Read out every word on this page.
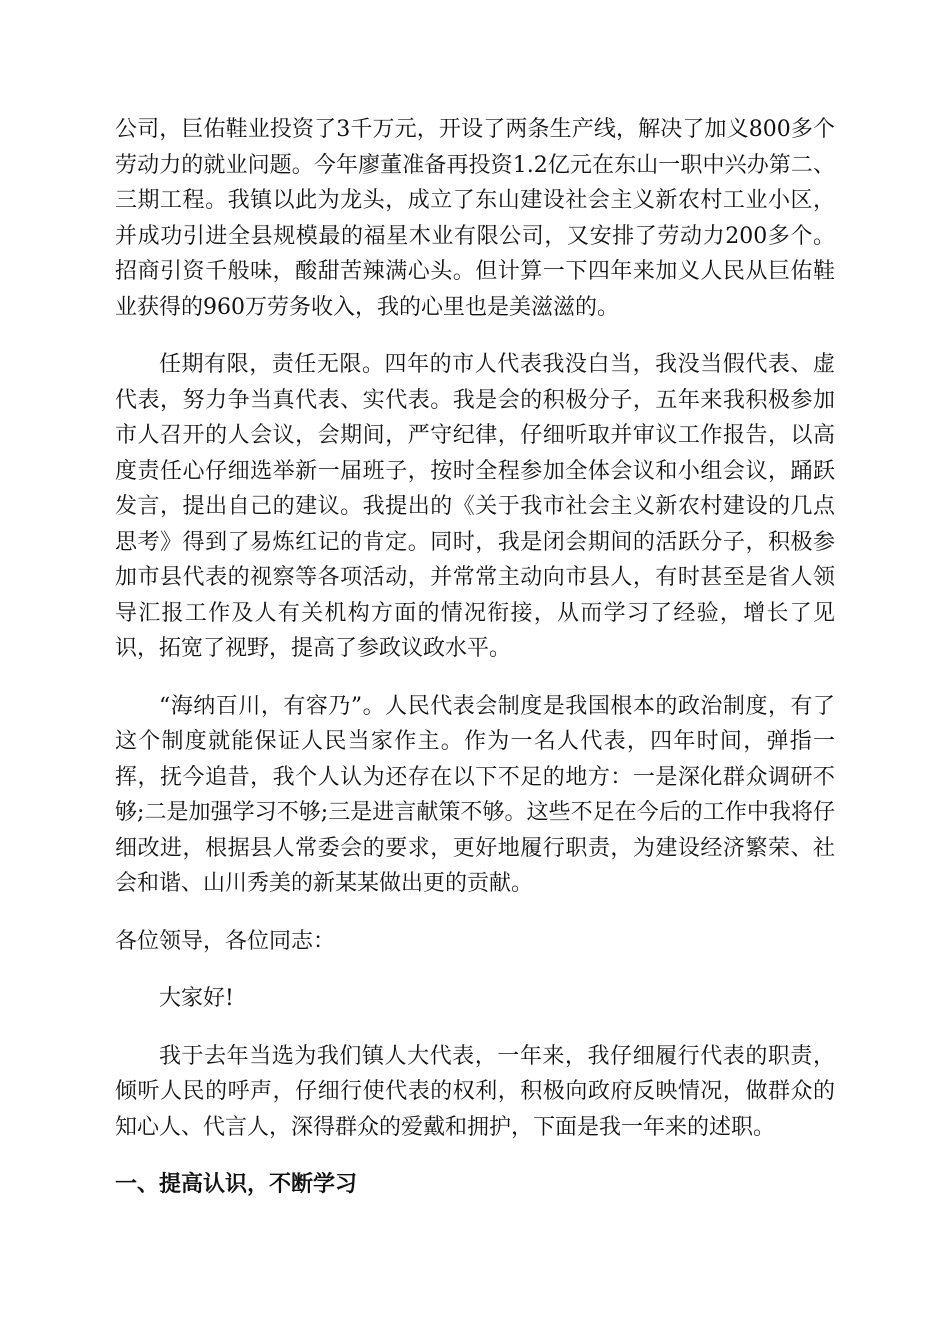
公司，巨佑鞋业投资了3千万元，开设了两条生产线，解决了加义800多个劳动力的就业问题。今年廖董准备再投资1.2亿元在东山一职中兴办第二、三期工程。我镇以此为龙头，成立了东山建设社会主义新农村工业小区，并成功引进全县规模最的福星木业有限公司，又安排了劳动力200多个。招商引资千般味，酸甜苦辣满心头。但计算一下四年来加义人民从巨佑鞋业获得的960万劳务收入，我的心里也是美滋滋的。

任期有限，责任无限。四年的市人代表我没白当，我没当假代表、虚代表，努力争当真代表、实代表。我是会的积极分子，五年来我积极参加市人召开的人会议，会期间，严守纪律，仔细听取并审议工作报告，以高度责任心仔细选举新一届班子，按时全程参加全体会议和小组会议，踊跃发言，提出自己的建议。我提出的《关于我市社会主义新农村建设的几点思考》得到了易炼红记的肯定。同时，我是闭会期间的活跃分子，积极参加市县代表的视察等各项活动，并常常主动向市县人，有时甚至是省人领导汇报工作及人有关机构方面的情况衔接，从而学习了经验，增长了见识，拓宽了视野，提高了参政议政水平。

“海纳百川，有容乃”。人民代表会制度是我国根本的政治制度，有了这个制度就能保证人民当家作主。作为一名人代表，四年时间，弹指一挥，抚今追昔，我个人认为还存在以下不足的地方：一是深化群众调研不够;二是加强学习不够;三是进言献策不够。这些不足在今后的工作中我将仔细改进，根据县人常委会的要求，更好地履行职责，为建设经济繁荣、社会和谐、山川秀美的新某某做出更的贡献。

各位领导，各位同志：

大家好!

我于去年当选为我们镇人大代表，一年来，我仔细履行代表的职责，倾听人民的呼声，仔细行使代表的权利，积极向政府反映情况，做群众的知心人、代言人，深得群众的爱戴和拥护，下面是我一年来的述职。

一、提高认识，不断学习
